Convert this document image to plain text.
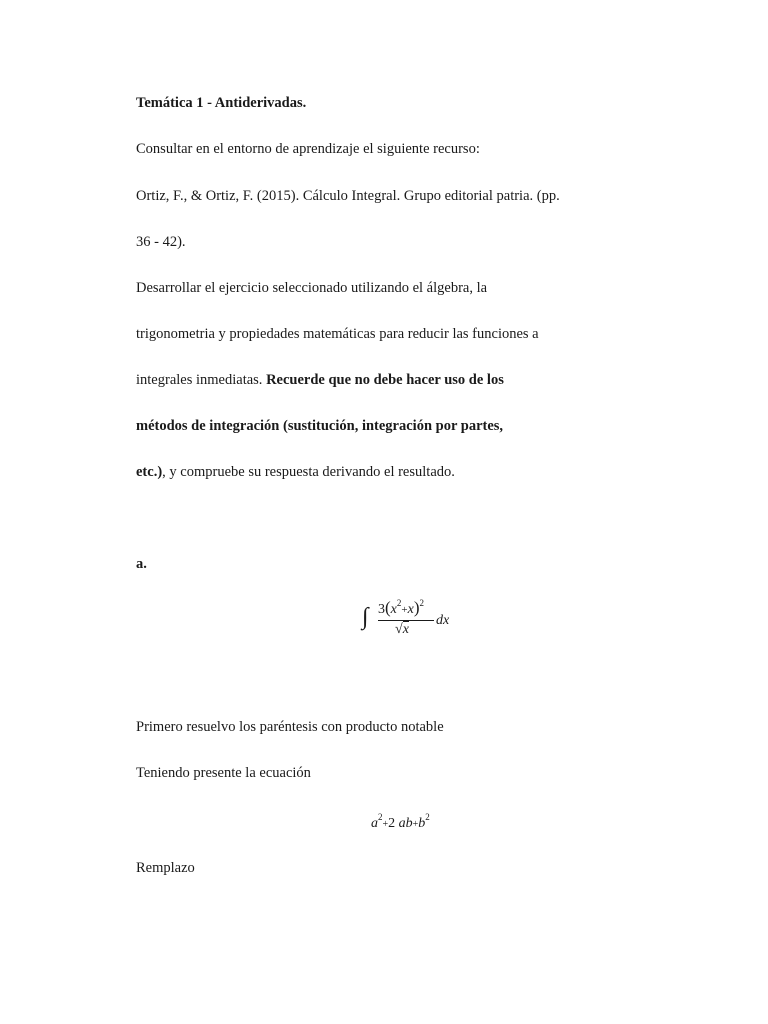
Temática 1 - Antiderivadas.
Consultar en el entorno de aprendizaje el siguiente recurso:
Ortiz, F., & Ortiz, F. (2015). Cálculo Integral. Grupo editorial patria. (pp.
36 - 42).
Desarrollar el ejercicio seleccionado utilizando el álgebra, la
trigonometria y propiedades matemáticas para reducir las funciones a
integrales inmediatas. Recuerde que no debe hacer uso de los
métodos de integración (sustitución, integración por partes,
etc.), y compruebe su respuesta derivando el resultado.
a.
∫ $3(x^2+x)^2$
√x
dx
Primero resuelvo los paréntesis con producto notable
Teniendo presente la ecuación
$a^2+2$ $ab+b^2$
Remplazo
